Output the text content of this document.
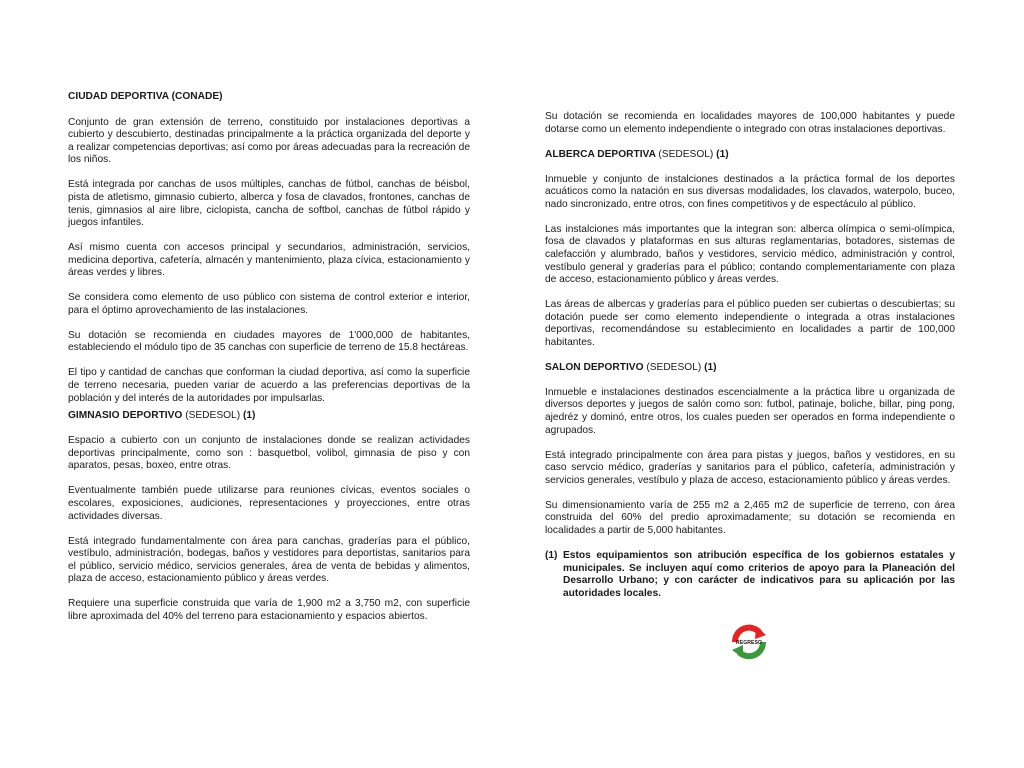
CIUDAD DEPORTIVA (CONADE)

Conjunto de gran extensión de terreno, constituido por instalaciones deportivas a cubierto y descubierto, destinadas principalmente a la práctica organizada del deporte y a realizar competencias deportivas; así como por áreas adecuadas para la recreación de los niños.

Está integrada por canchas de usos múltiples, canchas de fútbol, canchas de béisbol, pista de atletismo, gimnasio cubierto, alberca y fosa de clavados, frontones, canchas de tenis, gimnasios al aire libre, ciclopista, cancha de softbol, canchas de fútbol rápido y juegos infantiles.

Así mismo cuenta con accesos principal y secundarios, administración, servicios, medicina deportiva, cafetería, almacén y mantenimiento, plaza cívica, estacionamiento y áreas verdes y libres.

Se considera como elemento de uso público con sistema de control exterior e interior, para el óptimo aprovechamiento de las instalaciones.

Su dotación se recomienda en ciudades mayores de 1'000,000 de habitantes, estableciendo el módulo tipo de 35 canchas con superficie de terreno de 15.8 hectáreas.

El tipo y cantidad de canchas que conforman la ciudad deportiva, así como la superficie de terreno necesaria, pueden variar de acuerdo a las preferencias deportivas de la población y del interés de la autoridades por impulsarlas.

GIMNASIO DEPORTIVO (SEDESOL) (1)

Espacio a cubierto con un conjunto de instalaciones donde se realizan actividades deportivas principalmente, como son : basquetbol, volibol, gimnasia de piso y con aparatos, pesas, boxeo, entre otras.

Eventualmente también puede utilizarse para reuniones cívicas, eventos sociales o escolares, exposiciones, audiciones, representaciones y proyecciones, entre otras actividades diversas.

Está integrado fundamentalmente con área para canchas, graderías para el público, vestíbulo, administración, bodegas, baños y vestidores para deportistas, sanitarios para el público, servicio médico, servicios generales, área de venta de bebidas y alimentos, plaza de acceso, estacionamiento público y áreas verdes.

Requiere una superficie construida que varía de 1,900 m2 a 3,750 m2, con superficie libre aproximada del 40% del terreno para estacionamiento y espacios abiertos.

Su dotación se recomienda en localidades mayores de 100,000 habitantes y puede dotarse como un elemento independiente o integrado con otras instalaciones deportivas.

ALBERCA DEPORTIVA (SEDESOL) (1)

Inmueble y conjunto de instalciones destinados a la práctica formal de los deportes acuáticos como la natación en sus diversas modalidades, los clavados, waterpolo, buceo, nado sincronizado, entre otros, con fines competitivos y de espectáculo al público.

Las instalciones más importantes que la integran son: alberca olímpica o semi-olímpica, fosa de clavados y plataformas en sus alturas reglamentarias, botadores, sistemas de calefacción y alumbrado, baños y vestidores, servicio médico, administración y control, vestíbulo general y graderías para el público; contando complementariamente con plaza de acceso, estacionamiento público y áreas verdes.

Las áreas de albercas y graderías para el público pueden ser cubiertas o descubiertas; su dotación puede ser como elemento independiente o integrada a otras instalaciones deportivas, recomendándose su establecimiento en localidades a partir de 100,000 habitantes.

SALON DEPORTIVO (SEDESOL) (1)

Inmueble e instalaciones destinados escencialmente a la práctica libre u organizada de diversos deportes y juegos de salón como son: futbol, patinaje, boliche, billar, ping pong, ajedréz y dominó, entre otros, los cuales pueden ser operados en forma independiente o agrupados.

Está integrado principalmente con área para pistas y juegos, baños y vestidores, en su caso servcio médico, graderías y sanitarios para el público, cafetería, administración y servicios generales, vestíbulo y plaza de acceso, estacionamiento público y áreas verdes.

Su dimensionamiento varía de 255 m2 a 2,465 m2 de superficie de terreno, con área construida del 60% del predio aproximadamente; su dotación se recomienda en localidades a partir de 5,000 habitantes.

(1) Estos equipamientos son atribución específica de los gobiernos estatales y municipales. Se incluyen aquí como criterios de apoyo para la Planeación del Desarrollo Urbano; y con carácter de indicativos para su aplicación por las autoridades locales.
REGRESO
